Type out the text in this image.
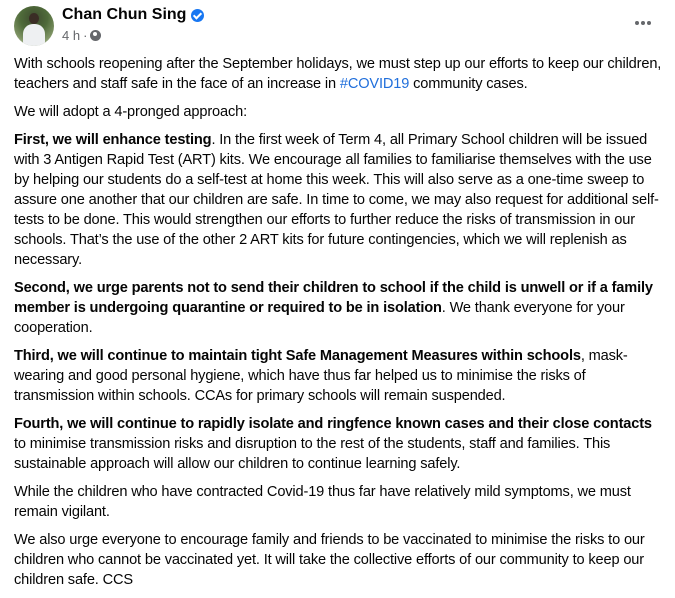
Chan Chun Sing
4 h ·

With schools reopening after the September holidays, we must step up our efforts to keep our children, teachers and staff safe in the face of an increase in #COVID19 community cases.

We will adopt a 4-pronged approach:

First, we will enhance testing. In the first week of Term 4, all Primary School children will be issued with 3 Antigen Rapid Test (ART) kits. We encourage all families to familiarise themselves with the use by helping our students do a self-test at home this week. This will also serve as a one-time sweep to assure one another that our children are safe. In time to come, we may also request for additional self-tests to be done. This would strengthen our efforts to further reduce the risks of transmission in our schools. That’s the use of the other 2 ART kits for future contingencies, which we will replenish as necessary.

Second, we urge parents not to send their children to school if the child is unwell or if a family member is undergoing quarantine or required to be in isolation. We thank everyone for your cooperation.

Third, we will continue to maintain tight Safe Management Measures within schools, mask-wearing and good personal hygiene, which have thus far helped us to minimise the risks of transmission within schools. CCAs for primary schools will remain suspended.

Fourth, we will continue to rapidly isolate and ringfence known cases and their close contacts to minimise transmission risks and disruption to the rest of the students, staff and families. This sustainable approach will allow our children to continue learning safely.

While the children who have contracted Covid-19 thus far have relatively mild symptoms, we must remain vigilant.

We also urge everyone to encourage family and friends to be vaccinated to minimise the risks to our children who cannot be vaccinated yet. It will take the collective efforts of our community to keep our children safe. CCS
